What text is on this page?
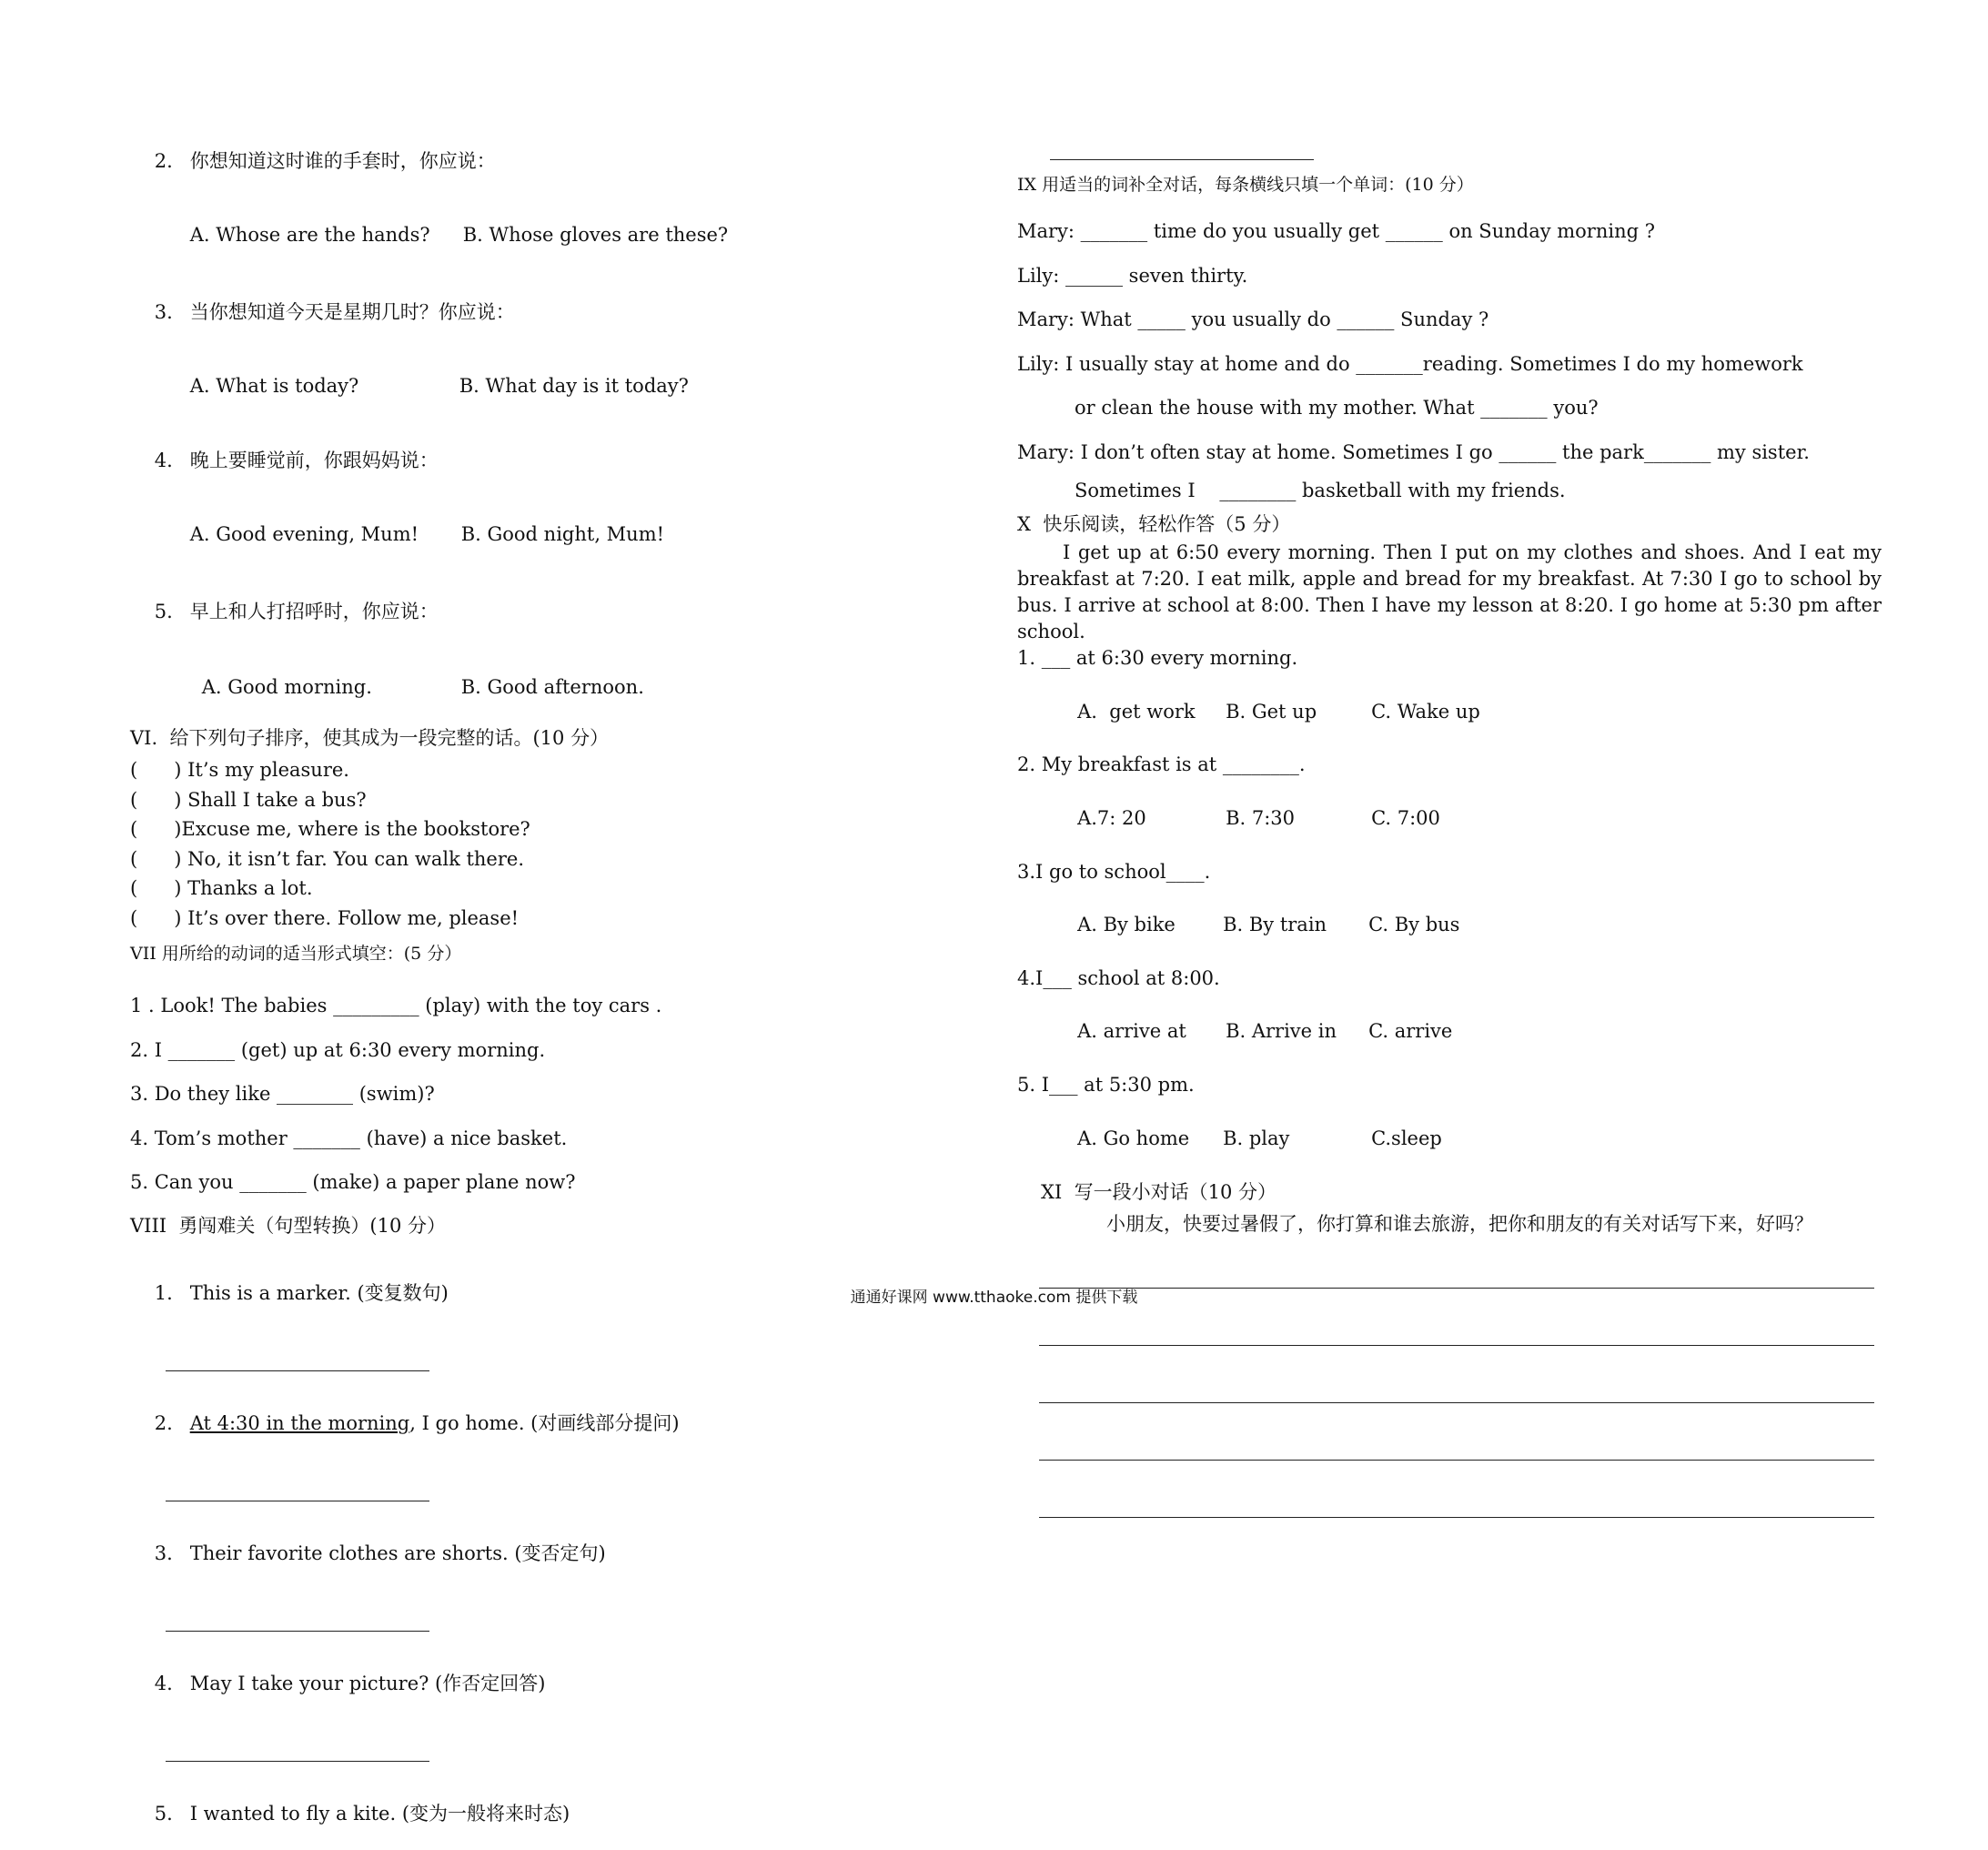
2. 你想知道这时谁的手套时，你应说：

A. Whose are the hands? B. Whose gloves are these?

3. 当你想知道今天是星期几时？你应说：

A. What is today?	B. What day is it today?

4. 晚上要睡觉前，你跟妈妈说：

A. Good evening, Mum! B. Good night, Mum!

5. 早上和人打招呼时，你应说：

A. Good morning.	B. Good afternoon.

VI.  给下列句子排序，使其成为一段完整的话。(10 分）
(      ) It’s my pleasure.
(      ) Shall I take a bus?
(      )Excuse me, where is the bookstore?
(      ) No, it isn’t far. You can walk there.
(      ) Thanks a lot.
(      ) It’s over there. Follow me, please!
VII 用所给的动词的适当形式填空：(5 分）
1 . Look! The babies _________ (play) with the toy cars .
2. I _______ (get) up at 6:30 every morning.
3. Do they like ________ (swim)?
4. Tom’s mother _______ (have) a nice basket.
5. Can you _______ (make) a paper plane now?
VIII  勇闯难关（句型转换）(10 分）

1. This is a marker. (变复数句)

2. At 4:30 in the morning, I go home. (对画线部分提问)

3. Their favorite clothes are shorts. (变否定句)

4. May I take your picture? (作否定回答)

5. I wanted to fly a kite. (变为一般将来时态)

IX 用适当的词补全对话，每条横线只填一个单词：(10 分）
Mary: _______ time do you usually get ______ on Sunday morning ?
Lily: ______ seven thirty.
Mary: What _____ you usually do ______ Sunday ?
Lily: I usually stay at home and do _______reading. Sometimes I do my homework
or clean the house with my mother. What _______ you?
Mary: I don’t often stay at home. Sometimes I go ______ the park_______ my sister.
Sometimes I    ________ basketball with my friends.
X  快乐阅读，轻松作答（5 分）
I get up at 6:50 every morning. Then I put on my clothes and shoes. And I eat my breakfast at 7:20. I eat milk, apple and bread for my breakfast. At 7:30 I go to school by bus. I arrive at school at 8:00. Then I have my lesson at 8:20. I go home at 5:30 pm after school.
1. ___ at 6:30 every morning.

A.  get work B. Get up	C. Wake up

2. My breakfast is at ________.

A.7: 20	B. 7:30	C. 7:00

3.I go to school____.

A. By bike B. By train C. By bus

4.I___ school at 8:00.

A. arrive at B. Arrive in C. arrive

5. I___ at 5:30 pm.

A. Go home B. play	C.sleep

XI  写一段小对话（10 分）
小朋友，快要过暑假了，你打算和谁去旅游，把你和朋友的有关对话写下来，好吗？
通通好课网 www.tthaoke.com 提供下载
